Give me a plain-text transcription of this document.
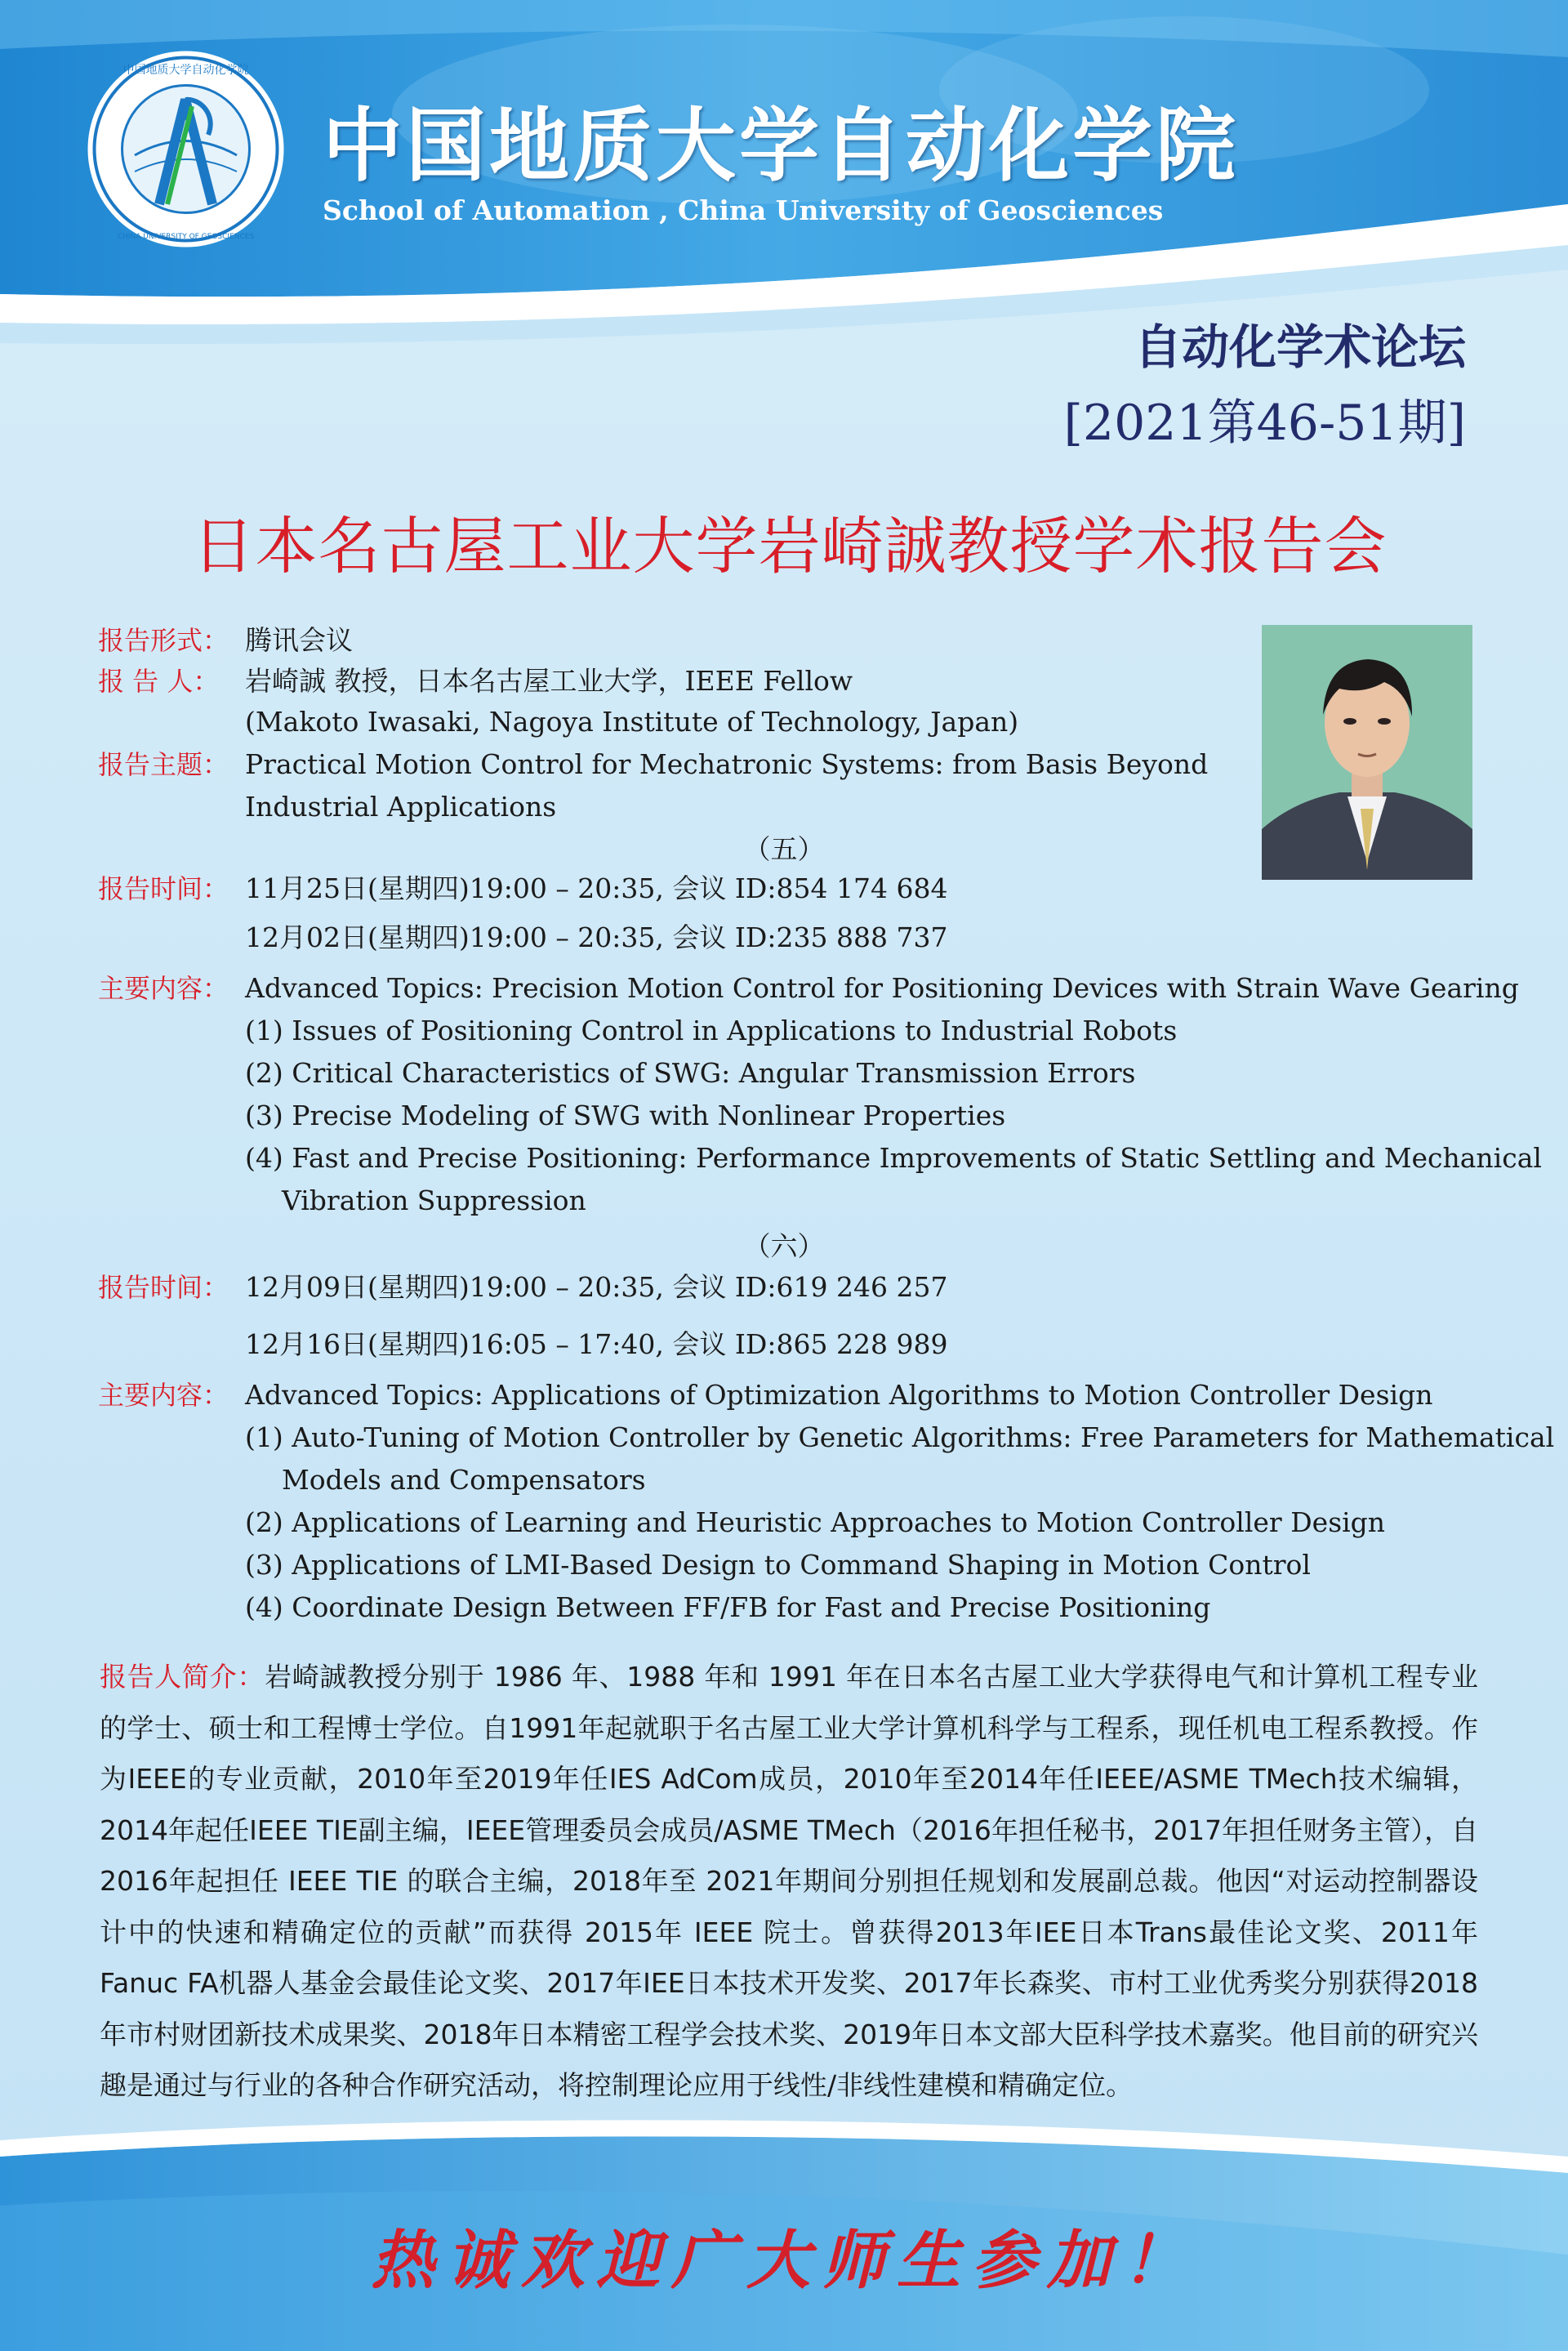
中国地质大学自动化学院
CHINA UNIVERSITY OF GEOSCIENCES
中国地质大学自动化学院
School of Automation , China University of Geosciences
自动化学术论坛
[2021第46-51期]
日本名古屋工业大学岩崎誠教授学术报告会
报告形式： 腾讯会议
报 告 人： 岩崎誠 教授，日本名古屋工业大学，IEEE Fellow
(Makoto Iwasaki, Nagoya Institute of Technology, Japan)
报告主题： Practical Motion Control for Mechatronic Systems: from Basis Beyond
Industrial Applications
（五）
报告时间： 11月25日(星期四)19:00 – 20:35, 会议 ID:854 174 684
12月02日(星期四)19:00 – 20:35, 会议 ID:235 888 737
主要内容： Advanced Topics: Precision Motion Control for Positioning Devices with Strain Wave Gearing
(1) Issues of Positioning Control in Applications to Industrial Robots
(2) Critical Characteristics of SWG: Angular Transmission Errors
(3) Precise Modeling of SWG with Nonlinear Properties
(4) Fast and Precise Positioning: Performance Improvements of Static Settling and Mechanical
Vibration Suppression
（六）
报告时间： 12月09日(星期四)19:00 – 20:35, 会议 ID:619 246 257
12月16日(星期四)16:05 – 17:40, 会议 ID:865 228 989
主要内容： Advanced Topics: Applications of Optimization Algorithms to Motion Controller Design
(1) Auto-Tuning of Motion Controller by Genetic Algorithms: Free Parameters for Mathematical
Models and Compensators
(2) Applications of Learning and Heuristic Approaches to Motion Controller Design
(3) Applications of LMI-Based Design to Command Shaping in Motion Control
(4) Coordinate Design Between FF/FB for Fast and Precise Positioning
报告人简介：岩崎誠教授分别于 1986 年、1988 年和 1991 年在日本名古屋工业大学获得电气和计算机工程专业的学士、硕士和工程博士学位。自1991年起就职于名古屋工业大学计算机科学与工程系，现任机电工程系教授。作为IEEE的专业贡献，2010年至2019年任IES AdCom成员，2010年至2014年任IEEE/ASME TMech技术编辑，2014年起任IEEE TIE副主编，IEEE管理委员会成员/ASME TMech（2016年担任秘书，2017年担任财务主管），自 2016年起担任 IEEE TIE 的联合主编，2018年至 2021年期间分别担任规划和发展副总裁。他因“对运动控制器设计中的快速和精确定位的贡献”而获得 2015年 IEEE 院士。曾获得2013年IEE日本Trans最佳论文奖、2011年Fanuc FA机器人基金会最佳论文奖、2017年IEE日本技术开发奖、2017年长森奖、市村工业优秀奖分别获得2018年市村财团新技术成果奖、2018年日本精密工程学会技术奖、2019年日本文部大臣科学技术嘉奖。他目前的研究兴趣是通过与行业的各种合作研究活动，将控制理论应用于线性/非线性建模和精确定位。
热诚欢迎广大师生参加！
